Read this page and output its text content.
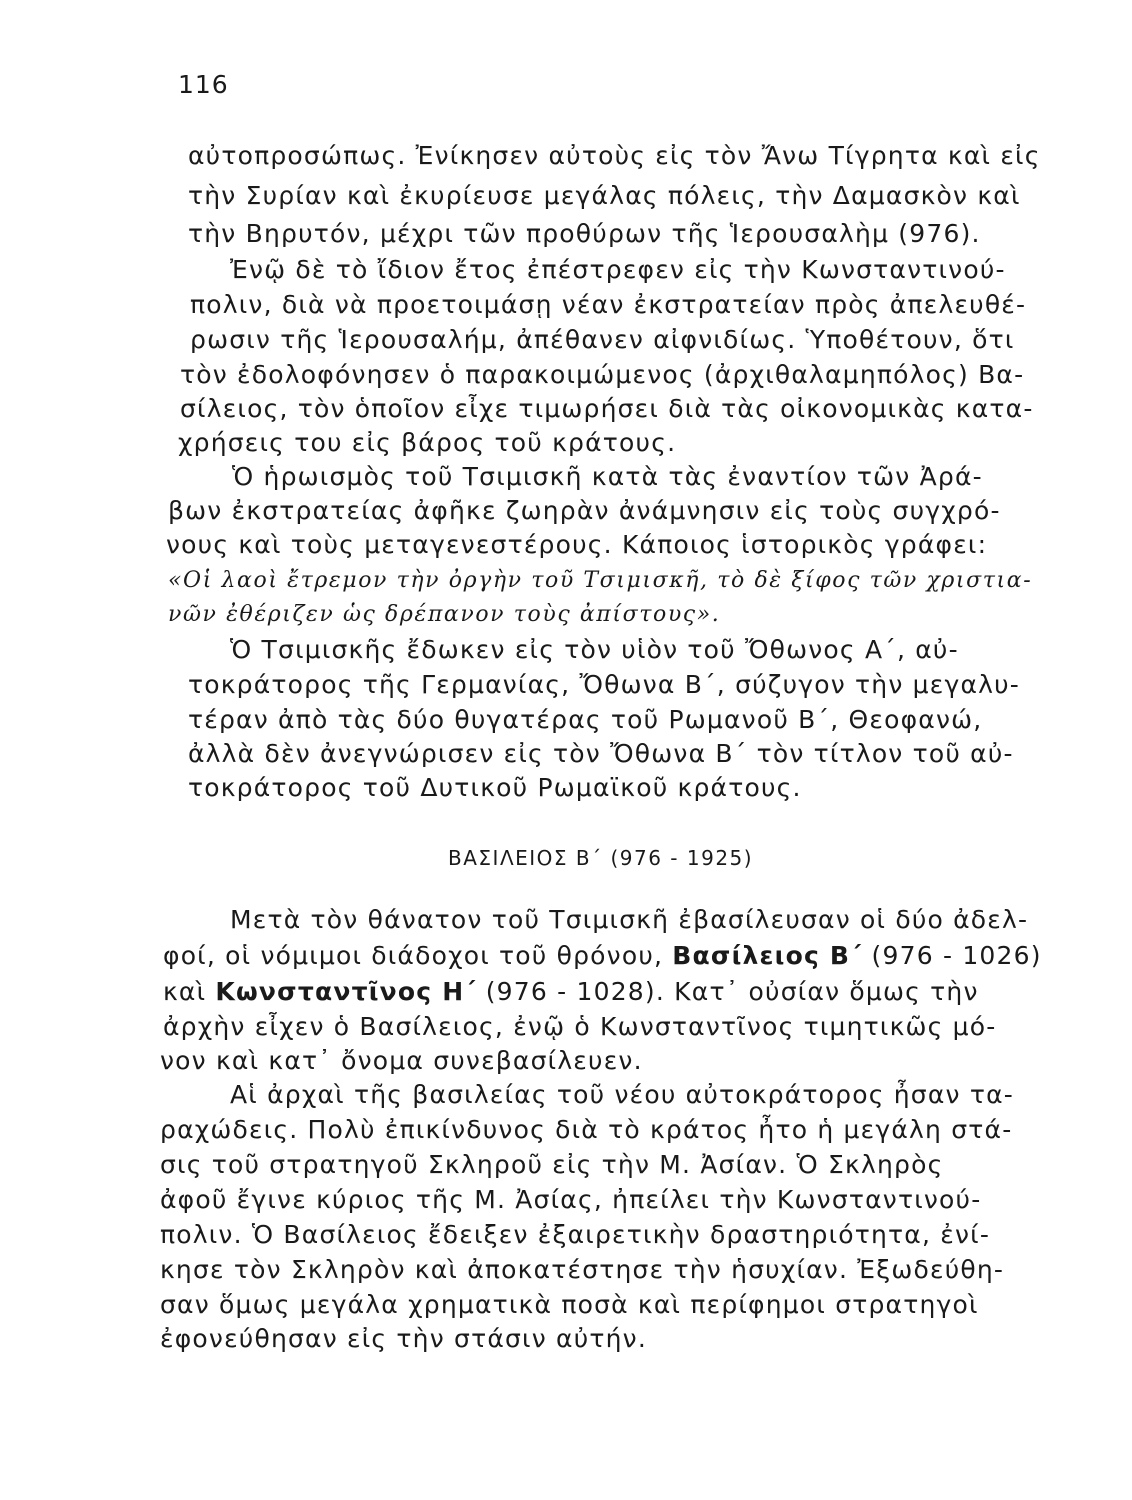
116
αὐτοπροσώπως. Ἐνίκησεν αὐτοὺς εἰς τὸν Ἄνω Τίγρητα καὶ εἰς
τὴν Συρίαν καὶ ἐκυρίευσε μεγάλας πόλεις, τὴν Δαμασκὸν καὶ
τὴν Βηρυτόν, μέχρι τῶν προθύρων τῆς Ἱερουσαλὴμ (976).
Ἐνῷ δὲ τὸ ἴδιον ἔτος ἐπέστρεφεν εἰς τὴν Κωνσταντινού-
πολιν, διὰ νὰ προετοιμάσῃ νέαν ἐκστρατείαν πρὸς ἀπελευθέ-
ρωσιν τῆς Ἱερουσαλήμ, ἀπέθανεν αἰφνιδίως. Ὑποθέτουν, ὅτι
τὸν ἐδολοφόνησεν ὁ παρακοιμώμενος (ἀρχιθαλαμηπόλος) Βα-
σίλειος, τὸν ὁποῖον εἶχε τιμωρήσει διὰ τὰς οἰκονομικὰς κατα-
χρήσεις του εἰς βάρος τοῦ κράτους.
Ὁ ἡρωισμὸς τοῦ Τσιμισκῆ κατὰ τὰς ἐναντίον τῶν Ἀρά-
βων ἐκστρατείας ἀφῆκε ζωηρὰν ἀνάμνησιν εἰς τοὺς συγχρό-
νους καὶ τοὺς μεταγενεστέρους. Κάποιος ἱστορικὸς γράφει:
«Οἱ λαοὶ ἔτρεμον τὴν ὀργὴν τοῦ Τσιμισκῆ, τὸ δὲ ξίφος τῶν χριστια-
νῶν ἐθέριζεν ὡς δρέπανον τοὺς ἀπίστους».
Ὁ Τσιμισκῆς ἔδωκεν εἰς τὸν υἱὸν τοῦ Ὄθωνος Α΄, αὐ-
τοκράτορος τῆς Γερμανίας, Ὄθωνα Β΄, σύζυγον τὴν μεγαλυ-
τέραν ἀπὸ τὰς δύο θυγατέρας τοῦ Ρωμανοῦ Β΄, Θεοφανώ,
ἀλλὰ δὲν ἀνεγνώρισεν εἰς τὸν Ὄθωνα Β΄ τὸν τίτλον τοῦ αὐ-
τοκράτορος τοῦ Δυτικοῦ Ρωμαϊκοῦ κράτους.
ΒΑΣΙΛΕΙΟΣ Β΄ (976 - 1925)
Μετὰ τὸν θάνατον τοῦ Τσιμισκῆ ἐβασίλευσαν οἱ δύο ἀδελ-
φοί, οἱ νόμιμοι διάδοχοι τοῦ θρόνου, Βασίλειος Β΄ (976 - 1026)
καὶ Κωνσταντῖνος Η΄ (976 - 1028). Κατ᾿ οὐσίαν ὅμως τὴν
ἀρχὴν εἶχεν ὁ Βασίλειος, ἐνῷ ὁ Κωνσταντῖνος τιμητικῶς μό-
νον καὶ κατ᾿ ὄνομα συνεβασίλευεν.
Αἱ ἀρχαὶ τῆς βασιλείας τοῦ νέου αὐτοκράτορος ἦσαν τα-
ραχώδεις. Πολὺ ἐπικίνδυνος διὰ τὸ κράτος ἦτο ἡ μεγάλη στά-
σις τοῦ στρατηγοῦ Σκληροῦ εἰς τὴν Μ. Ἀσίαν. Ὁ Σκληρὸς
ἀφοῦ ἔγινε κύριος τῆς Μ. Ἀσίας, ἠπείλει τὴν Κωνσταντινού-
πολιν. Ὁ Βασίλειος ἔδειξεν ἐξαιρετικὴν δραστηριότητα, ἐνί-
κησε τὸν Σκληρὸν καὶ ἀποκατέστησε τὴν ἡσυχίαν. Ἐξωδεύθη-
σαν ὅμως μεγάλα χρηματικὰ ποσὰ καὶ περίφημοι στρατηγοὶ
ἐφονεύθησαν εἰς τὴν στάσιν αὐτήν.
